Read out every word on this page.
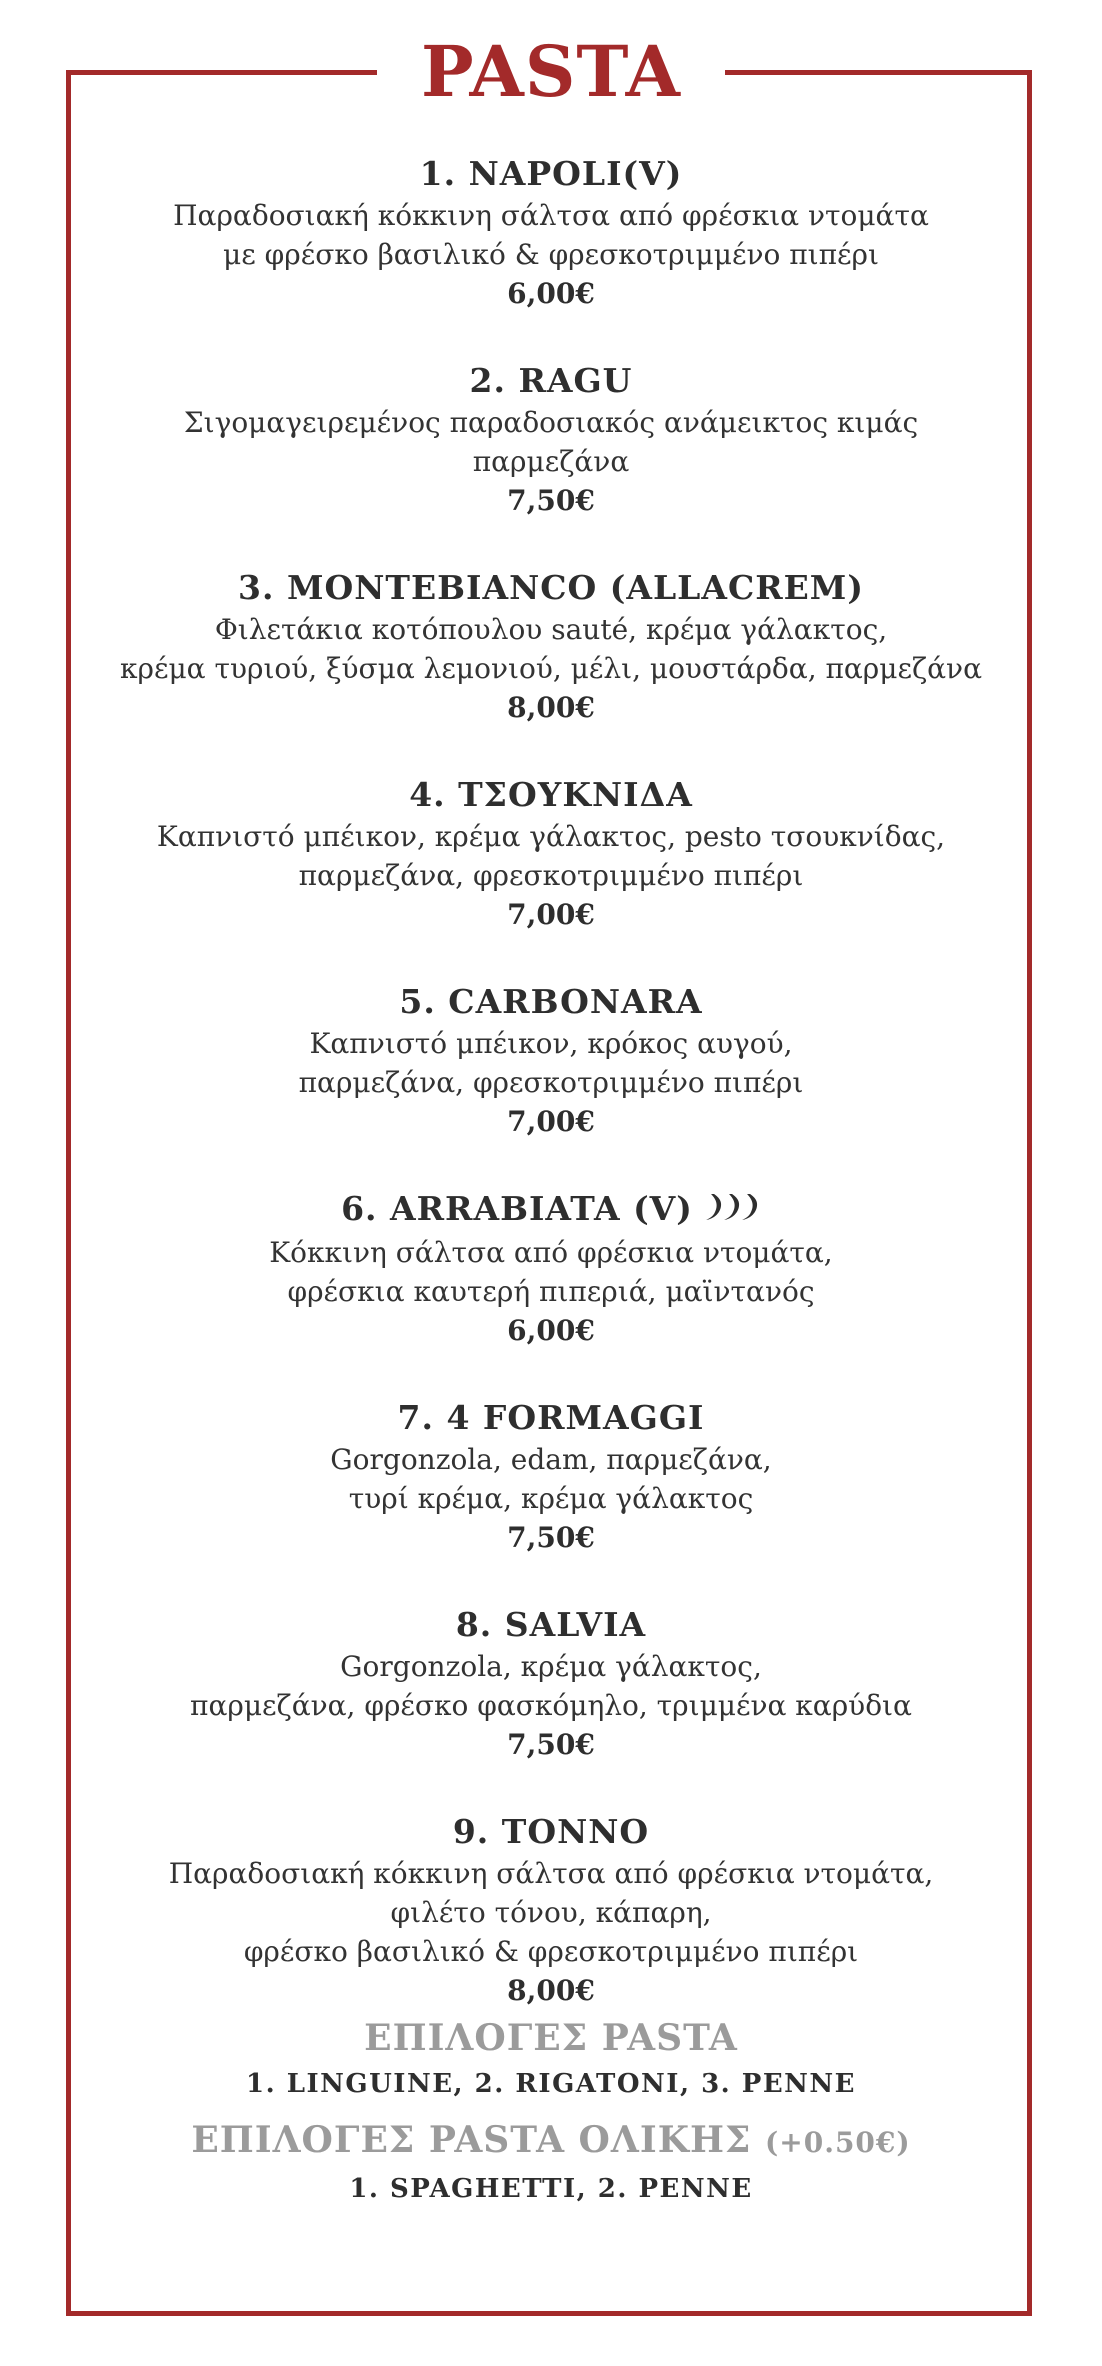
PASTA
1. NAPOLI(V)
Παραδοσιακή κόκκινη σάλτσα από φρέσκια ντομάτα
με φρέσκο βασιλικό & φρεσκοτριμμένο πιπέρι
6,00€
2. RAGU
Σιγομαγειρεμένος παραδοσιακός ανάμεικτος κιμάς
παρμεζάνα
7,50€
3. MONTEBIANCO (ALLACREM)
Φιλετάκια κοτόπουλου sauté, κρέμα γάλακτος,
κρέμα τυριού, ξύσμα λεμονιού, μέλι, μουστάρδα, παρμεζάνα
8,00€
4. ΤΣΟΥΚΝΙΔΑ
Καπνιστό μπέικον, κρέμα γάλακτος, pesto τσουκνίδας,
παρμεζάνα, φρεσκοτριμμένο πιπέρι
7,00€
5. CARBONARA
Καπνιστό μπέικον, κρόκος αυγού,
παρμεζάνα, φρεσκοτριμμένο πιπέρι
7,00€
6. ARRABIATA (V)
Κόκκινη σάλτσα από φρέσκια ντομάτα,
φρέσκια καυτερή πιπεριά, μαϊντανός
6,00€
7. 4 FORMAGGI
Gorgonzola, edam, παρμεζάνα,
τυρί κρέμα, κρέμα γάλακτος
7,50€
8. SALVIA
Gorgonzola, κρέμα γάλακτος,
παρμεζάνα, φρέσκο φασκόμηλο, τριμμένα καρύδια
7,50€
9. TONNO
Παραδοσιακή κόκκινη σάλτσα από φρέσκια ντομάτα,
φιλέτο τόνου, κάπαρη,
φρέσκο βασιλικό & φρεσκοτριμμένο πιπέρι
8,00€
ΕΠΙΛΟΓΕΣ PASTA
1. LINGUINE, 2. RIGATONI, 3. PENNE
ΕΠΙΛΟΓΕΣ PASTA ΟΛΙΚΗΣ (+0.50€)
1. SPAGHETTI, 2. PENNE
